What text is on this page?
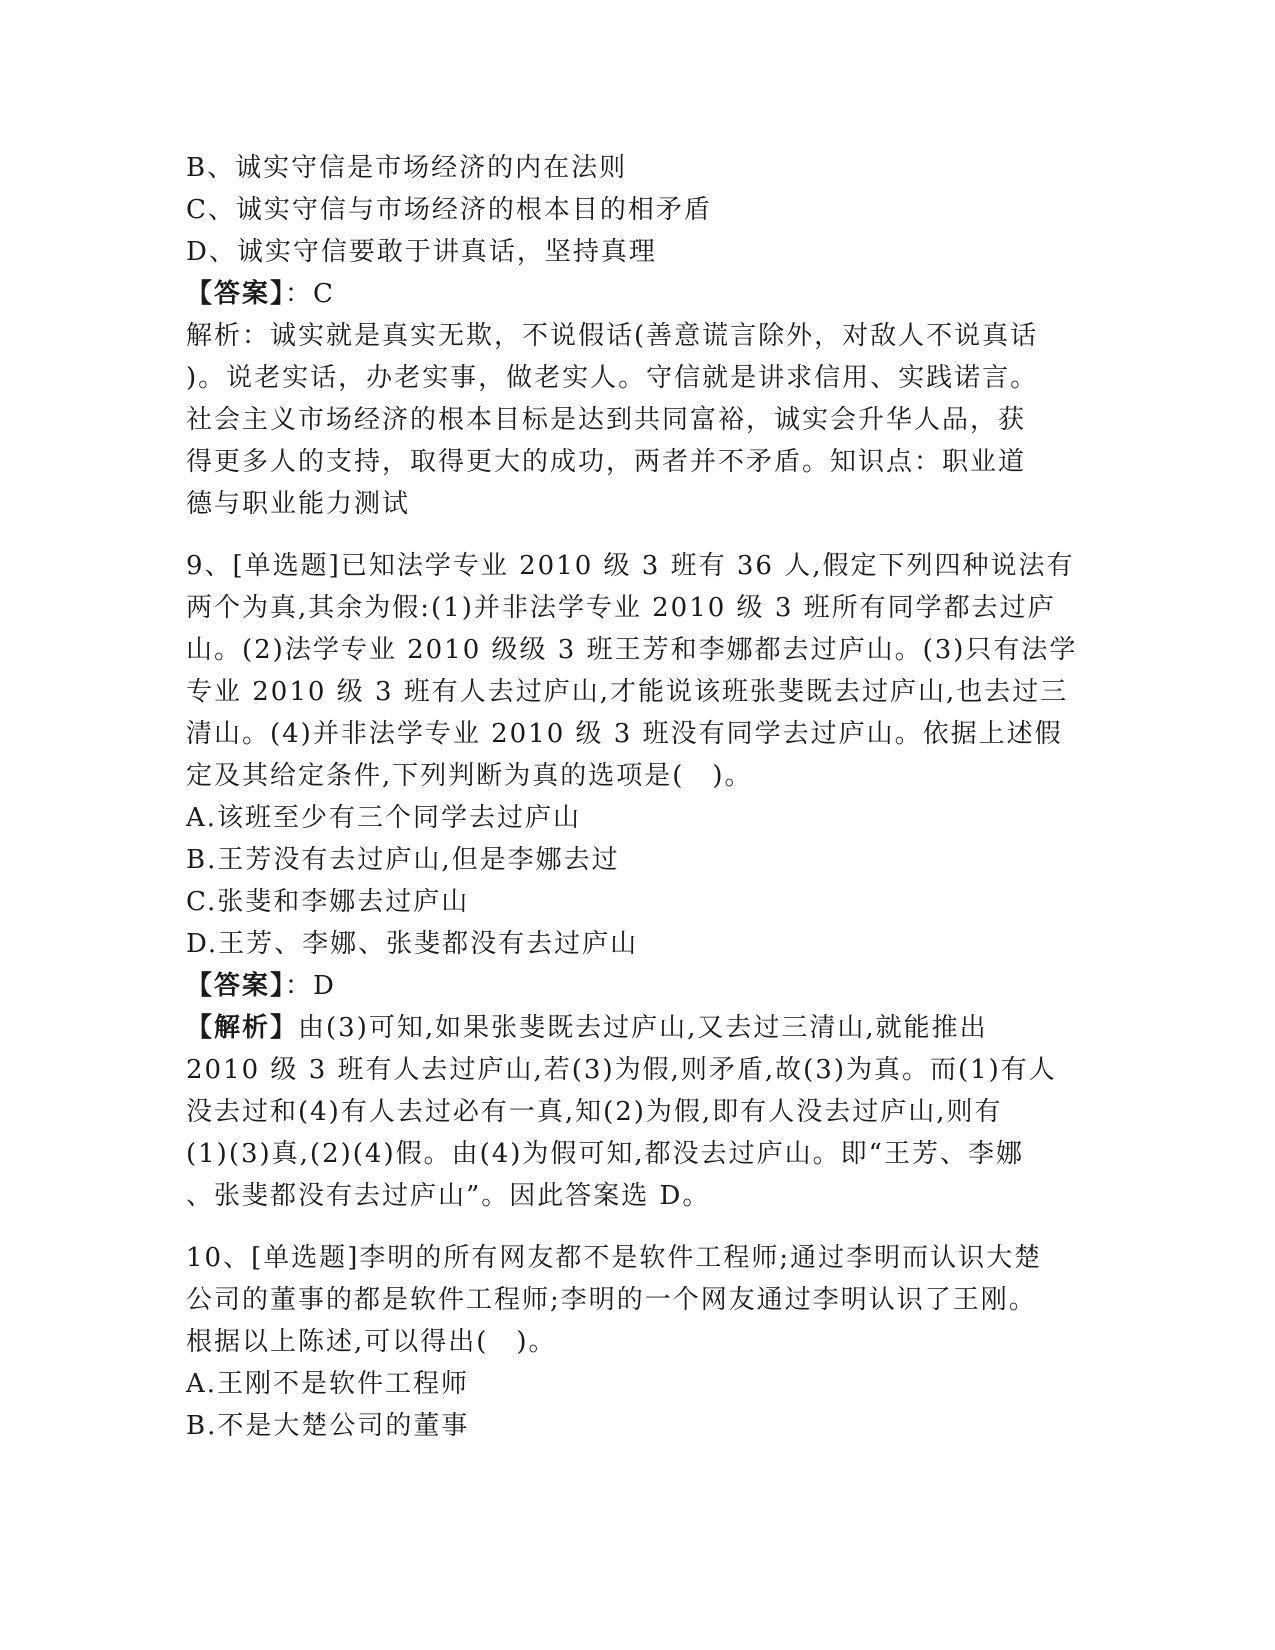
B、诚实守信是市场经济的内在法则
C、诚实守信与市场经济的根本目的相矛盾
D、诚实守信要敢于讲真话，坚持真理
【答案】：C
解析：诚实就是真实无欺，不说假话(善意谎言除外，对敌人不说真话
)。说老实话，办老实事，做老实人。守信就是讲求信用、实践诺言。
社会主义市场经济的根本目标是达到共同富裕，诚实会升华人品，获
得更多人的支持，取得更大的成功，两者并不矛盾。知识点：职业道
德与职业能力测试
9、[单选题]已知法学专业 2010 级 3 班有 36 人,假定下列四种说法有
两个为真,其余为假:(1)并非法学专业 2010 级 3 班所有同学都去过庐
山。(2)法学专业 2010 级级 3 班王芳和李娜都去过庐山。(3)只有法学
专业 2010 级 3 班有人去过庐山,才能说该班张斐既去过庐山,也去过三
清山。(4)并非法学专业 2010 级 3 班没有同学去过庐山。依据上述假
定及其给定条件,下列判断为真的选项是(　)。
A.该班至少有三个同学去过庐山
B.王芳没有去过庐山,但是李娜去过
C.张斐和李娜去过庐山
D.王芳、李娜、张斐都没有去过庐山
【答案】：D
【解析】由(3)可知,如果张斐既去过庐山,又去过三清山,就能推出
2010 级 3 班有人去过庐山,若(3)为假,则矛盾,故(3)为真。而(1)有人
没去过和(4)有人去过必有一真,知(2)为假,即有人没去过庐山,则有
(1)(3)真,(2)(4)假。由(4)为假可知,都没去过庐山。即“王芳、李娜
、张斐都没有去过庐山”。因此答案选 D。
10、[单选题]李明的所有网友都不是软件工程师;通过李明而认识大楚
公司的董事的都是软件工程师;李明的一个网友通过李明认识了王刚。
根据以上陈述,可以得出(　)。
A.王刚不是软件工程师
B.不是大楚公司的董事
